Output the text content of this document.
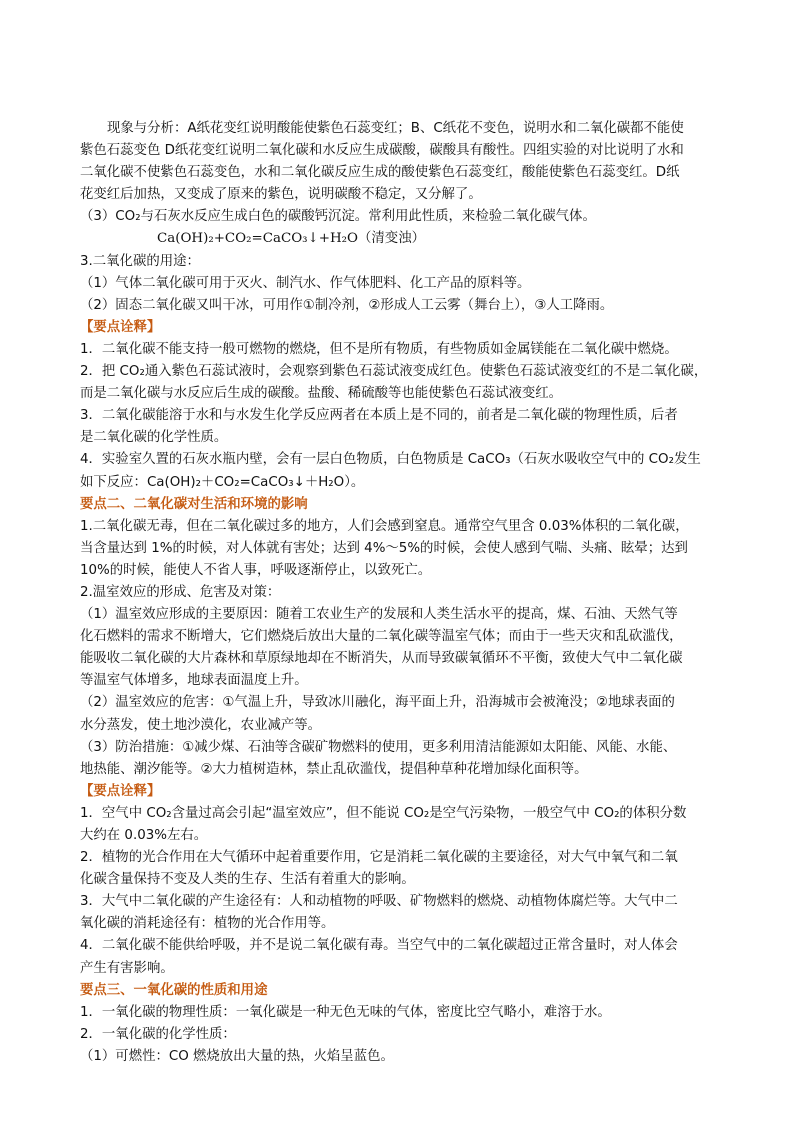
现象与分析：A纸花变红说明酸能使紫色石蕊变红；B、C纸花不变色，说明水和二氧化碳都不能使

紫色石蕊变色 D纸花变红说明二氧化碳和水反应生成碳酸，碳酸具有酸性。四组实验的对比说明了水和

二氧化碳不使紫色石蕊变色，水和二氧化碳反应生成的酸使紫色石蕊变红，酸能使紫色石蕊变红。D纸

花变红后加热，又变成了原来的紫色，说明碳酸不稳定，又分解了。

（3）CO₂与石灰水反应生成白色的碳酸钙沉淀。常利用此性质，来检验二氧化碳气体。

Ca(OH)₂+CO₂=CaCO₃↓+H₂O（清变浊）

3.二氧化碳的用途：

（1）气体二氧化碳可用于灭火、制汽水、作气体肥料、化工产品的原料等。

（2）固态二氧化碳又叫干冰，可用作①制冷剂，②形成人工云雾（舞台上），③人工降雨。

【要点诠释】

1．二氧化碳不能支持一般可燃物的燃烧，但不是所有物质，有些物质如金属镁能在二氧化碳中燃烧。

2．把 CO₂通入紫色石蕊试液时，会观察到紫色石蕊试液变成红色。使紫色石蕊试液变红的不是二氧化碳，

而是二氧化碳与水反应后生成的碳酸。盐酸、稀硫酸等也能使紫色石蕊试液变红。

3．二氧化碳能溶于水和与水发生化学反应两者在本质上是不同的，前者是二氧化碳的物理性质，后者

是二氧化碳的化学性质。

4．实验室久置的石灰水瓶内壁，会有一层白色物质，白色物质是 CaCO₃（石灰水吸收空气中的 CO₂发生

如下反应：Ca(OH)₂＋CO₂=CaCO₃↓＋H₂O）。

要点二、二氧化碳对生活和环境的影响

1.二氧化碳无毒，但在二氧化碳过多的地方，人们会感到窒息。通常空气里含 0.03%体积的二氧化碳，

当含量达到 1%的时候，对人体就有害处；达到 4%～5%的时候，会使人感到气喘、头痛、眩晕；达到

10%的时候，能使人不省人事，呼吸逐渐停止，以致死亡。

2.温室效应的形成、危害及对策：

（1）温室效应形成的主要原因：随着工农业生产的发展和人类生活水平的提高，煤、石油、天然气等

化石燃料的需求不断增大，它们燃烧后放出大量的二氧化碳等温室气体；而由于一些天灾和乱砍滥伐，

能吸收二氧化碳的大片森林和草原绿地却在不断消失，从而导致碳氧循环不平衡，致使大气中二氧化碳

等温室气体增多，地球表面温度上升。

（2）温室效应的危害：①气温上升，导致冰川融化，海平面上升，沿海城市会被淹没；②地球表面的

水分蒸发，使土地沙漠化，农业减产等。

（3）防治措施：①减少煤、石油等含碳矿物燃料的使用，更多利用清洁能源如太阳能、风能、水能、

地热能、潮汐能等。②大力植树造林，禁止乱砍滥伐，提倡种草种花增加绿化面积等。

【要点诠释】

1．空气中 CO₂含量过高会引起“温室效应”，但不能说 CO₂是空气污染物，一般空气中 CO₂的体积分数

大约在 0.03%左右。

2．植物的光合作用在大气循环中起着重要作用，它是消耗二氧化碳的主要途径，对大气中氧气和二氧

化碳含量保持不变及人类的生存、生活有着重大的影响。

3．大气中二氧化碳的产生途径有：人和动植物的呼吸、矿物燃料的燃烧、动植物体腐烂等。大气中二

氧化碳的消耗途径有：植物的光合作用等。

4．二氧化碳不能供给呼吸，并不是说二氧化碳有毒。当空气中的二氧化碳超过正常含量时，对人体会

产生有害影响。

要点三、一氧化碳的性质和用途

1．一氧化碳的物理性质：一氧化碳是一种无色无味的气体，密度比空气略小，难溶于水。

2．一氧化碳的化学性质：

（1）可燃性：CO 燃烧放出大量的热，火焰呈蓝色。
